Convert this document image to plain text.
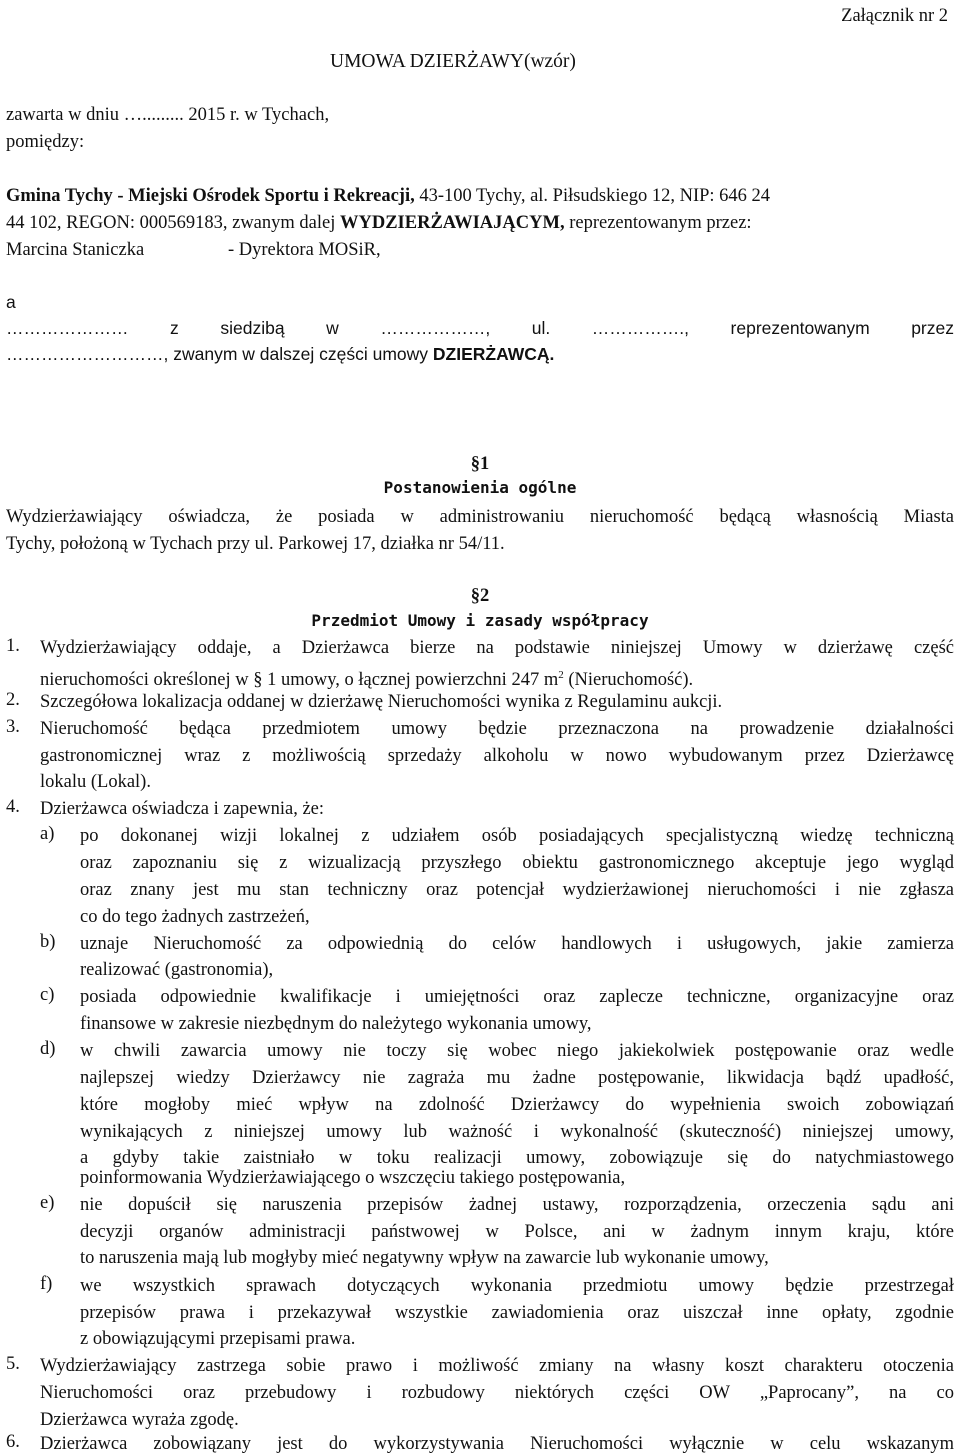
Załącznik nr 2
UMOWA DZIERŻAWY(wzór)
zawarta w dniu …......... 2015 r. w Tychach,
pomiędzy:
Gmina Tychy - Miejski Ośrodek Sportu i Rekreacji, 43-100 Tychy, al. Piłsudskiego 12, NIP: 646 24
44 102, REGON: 000569183, zwanym dalej WYDZIERŻAWIAJĄCYM, reprezentowanym przez:
Marcina Staniczka	- Dyrektora MOSiR,
a
………………… z siedzibą w ………………, ul. ……………., reprezentowanym przez
………………………, zwanym w dalszej części umowy DZIERŻAWCĄ.
§1
Postanowienia ogólne
Wydzierżawiający oświadcza, że posiada w administrowaniu nieruchomość będącą własnością Miasta
Tychy, położoną w Tychach przy ul. Parkowej 17, działka nr 54/11.
§2
Przedmiot Umowy i zasady współpracy
1.	Wydzierżawiający oddaje, a Dzierżawca bierze na podstawie niniejszej Umowy w dzierżawę część
nieruchomości określonej w § 1 umowy, o łącznej powierzchni 247 $m^2$ (Nieruchomość).
2.	Szczegółowa lokalizacja oddanej w dzierżawę Nieruchomości wynika z Regulaminu aukcji.
3.	Nieruchomość będąca przedmiotem umowy będzie przeznaczona na prowadzenie działalności
gastronomicznej wraz z możliwością sprzedaży alkoholu w nowo wybudowanym przez Dzierżawcę
lokalu (Lokal).
4.	Dzierżawca oświadcza i zapewnia, że:
a)	po dokonanej wizji lokalnej z udziałem osób posiadających specjalistyczną wiedzę techniczną
oraz zapoznaniu się z wizualizacją przyszłego obiektu gastronomicznego akceptuje jego wygląd
oraz znany jest mu stan techniczny oraz potencjał wydzierżawionej nieruchomości i nie zgłasza
co do tego żadnych zastrzeżeń,
b)	uznaje Nieruchomość za odpowiednią do celów handlowych i usługowych, jakie zamierza
realizować (gastronomia),
c)	posiada odpowiednie kwalifikacje i umiejętności oraz zaplecze techniczne, organizacyjne oraz
finansowe w zakresie niezbędnym do należytego wykonania umowy,
d)	w chwili zawarcia umowy nie toczy się wobec niego jakiekolwiek postępowanie oraz wedle
najlepszej wiedzy Dzierżawcy nie zagraża mu żadne postępowanie, likwidacja bądź upadłość,
które mogłoby mieć wpływ na zdolność Dzierżawcy do wypełnienia swoich zobowiązań
wynikających z niniejszej umowy lub ważność i wykonalność (skuteczność) niniejszej umowy,
a gdyby takie zaistniało w toku realizacji umowy, zobowiązuje się do natychmiastowego
poinformowania Wydzierżawiającego o wszczęciu takiego postępowania,
e)	nie dopuścił się naruszenia przepisów żadnej ustawy, rozporządzenia, orzeczenia sądu ani
decyzji organów administracji państwowej w Polsce, ani w żadnym innym kraju, które
to naruszenia mają lub mogłyby mieć negatywny wpływ na zawarcie lub wykonanie umowy,
f)	we wszystkich sprawach dotyczących wykonania przedmiotu umowy będzie przestrzegał
przepisów prawa i przekazywał wszystkie zawiadomienia oraz uiszczał inne opłaty, zgodnie
z obowiązującymi przepisami prawa.
5.	Wydzierżawiający zastrzega sobie prawo i możliwość zmiany na własny koszt charakteru otoczenia
Nieruchomości oraz przebudowy i rozbudowy niektórych części OW „Paprocany”, na co
Dzierżawca wyraża zgodę.
6.	Dzierżawca zobowiązany jest do wykorzystywania Nieruchomości wyłącznie w celu wskazanym
